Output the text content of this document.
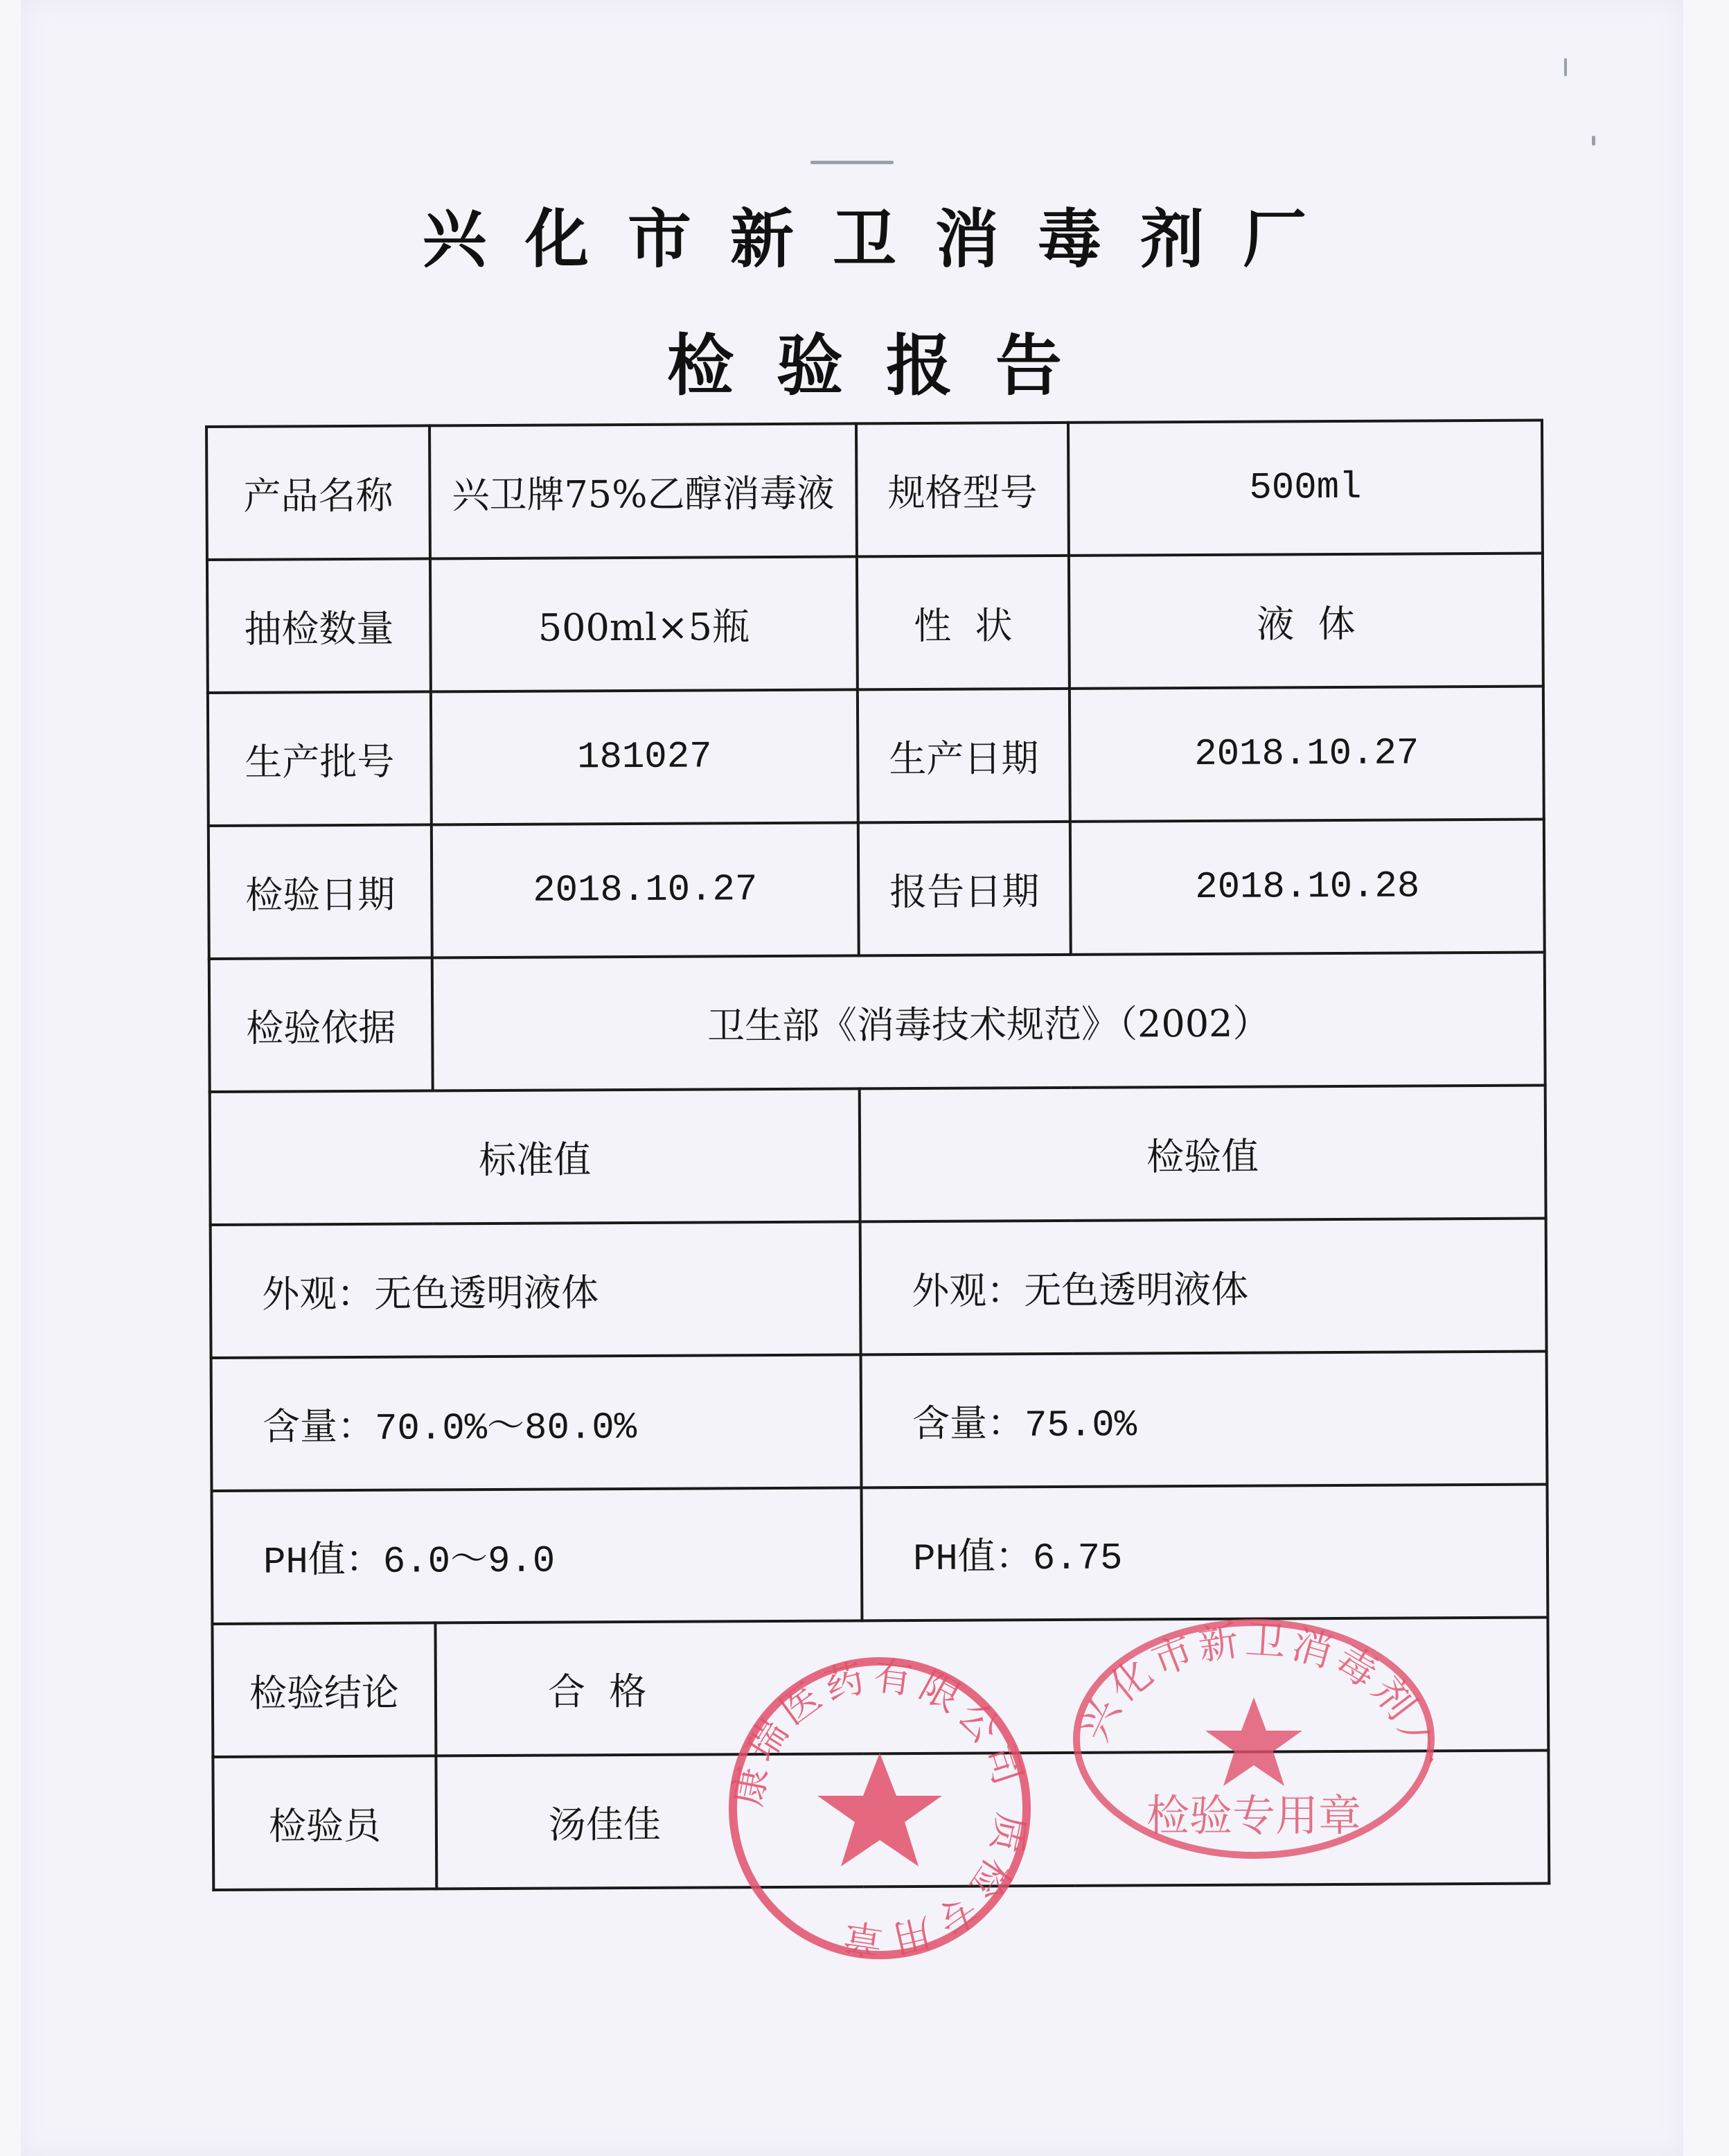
兴化市新卫消毒剂厂
检验报告
产品名称	兴卫牌75%乙醇消毒液	规格型号	500ml
抽检数量	500ml×5瓶	性  状	液  体
生产批号	181027	生产日期	2018.10.27
检验日期	2018.10.27	报告日期	2018.10.28
检验依据	卫生部《消毒技术规范》（2002）		
标准值		检验值	
外观：无色透明液体		外观：无色透明液体	
含量：70.0%～80.0%		含量：75.0%	
PH值：6.0～9.0		PH值：6.75	
检验结论	合  格		
检验员	汤佳佳		
康瑞医药有限公司 质检专用章
兴化市新卫消毒剂厂
检验专用章
